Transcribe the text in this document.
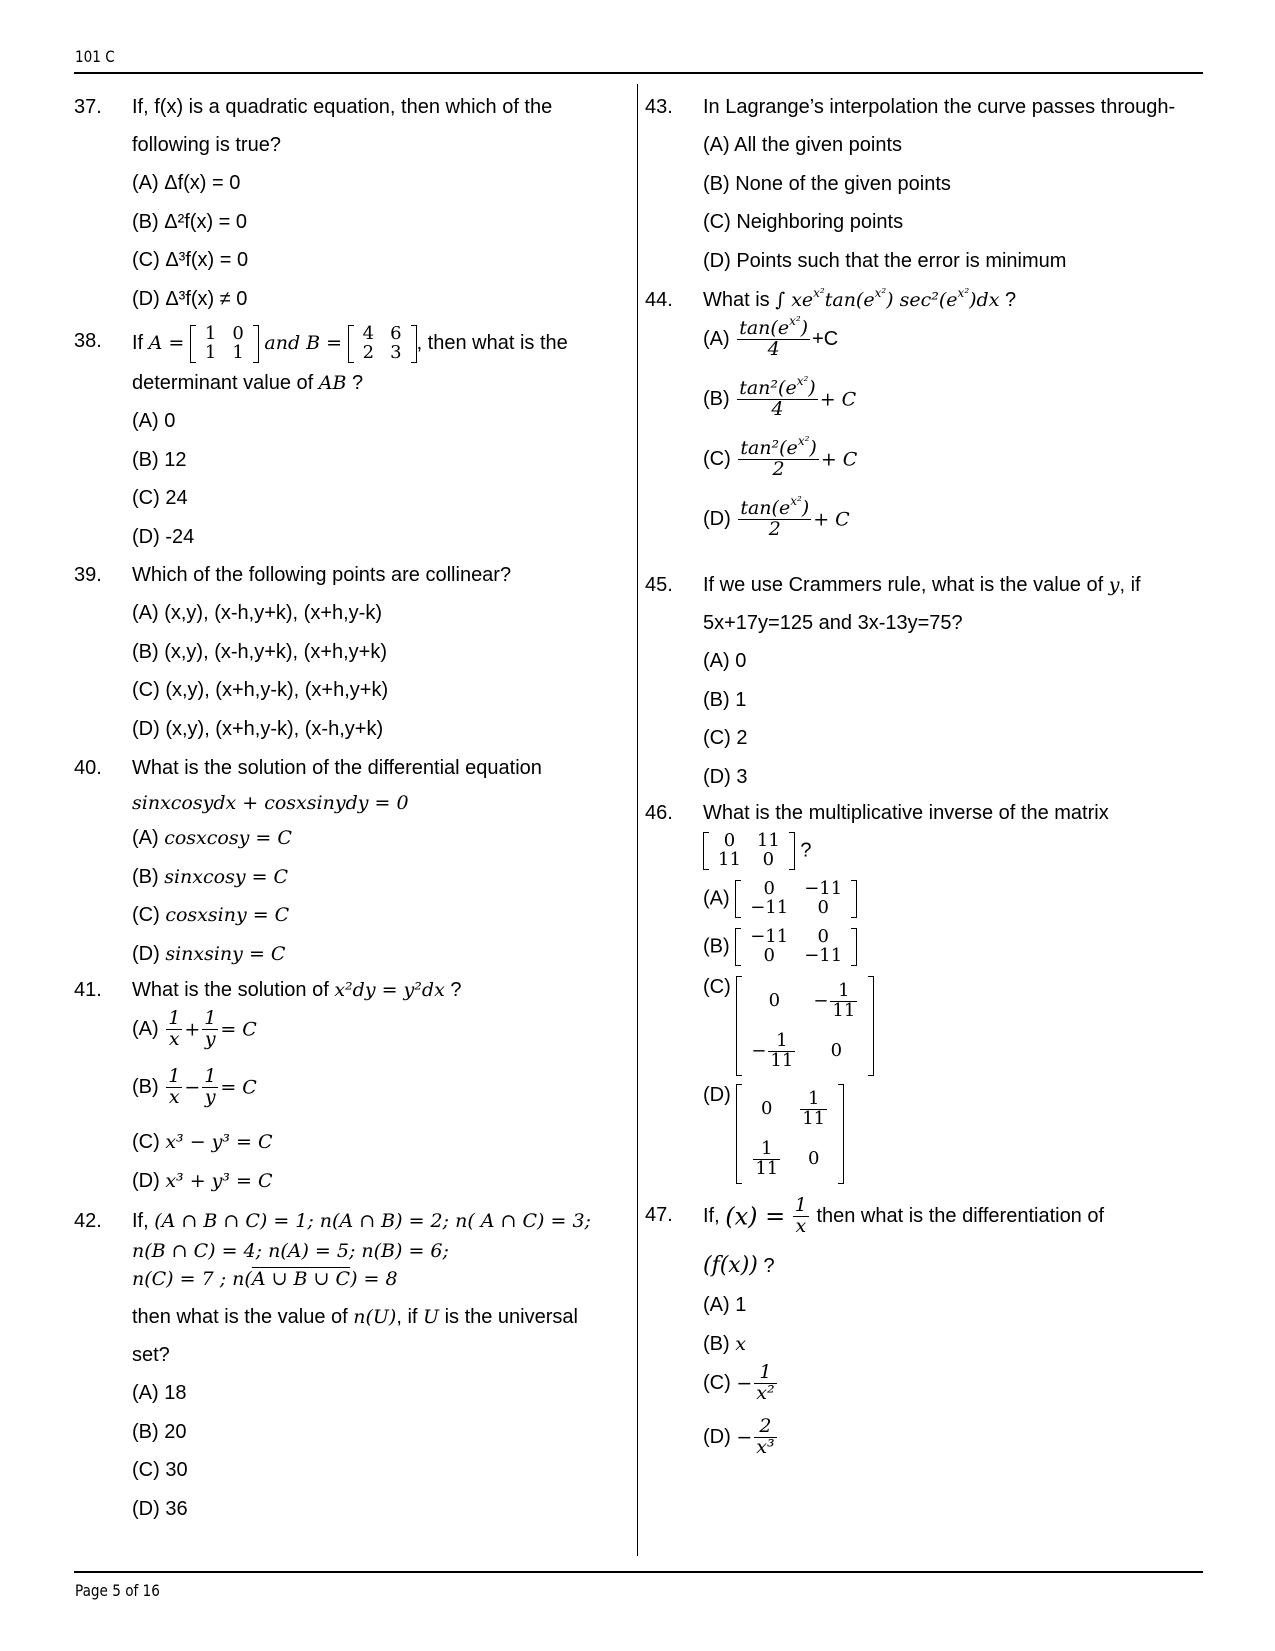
101 C
37. If, f(x) is a quadratic equation, then which of the
following is true?
(A) Δf(x) = 0
(B) Δ²f(x) = 0
(C) Δ³f(x) = 0
(D) Δ³f(x) ≠ 0
38. If A = 1	0
1	1 and B = 4	6
2	3 , then what is the
determinant value of AB ?
(A) 0
(B) 12
(C) 24
(D) -24
39. Which of the following points are collinear?
(A) (x,y), (x-h,y+k), (x+h,y-k)
(B) (x,y), (x-h,y+k), (x+h,y+k)
(C) (x,y), (x+h,y-k), (x+h,y+k)
(D) (x,y), (x+h,y-k), (x-h,y+k)
40. What is the solution of the differential equation
sinxcosydx + cosxsinydy = 0
(A) cosxcosy = C
(B) sinxcosy = C
(C) cosxsiny = C
(D) sinxsiny = C
41. What is the solution of x²dy = y²dx ?
$(A) \frac{1}{x} + \frac{1}{y} = C$
$(B) \frac{1}{x} - \frac{1}{y} = C$
(C) x³ − y³ = C
(D) x³ + y³ = C
42. If, (A ∩ B ∩ C) = 1; n(A ∩ B) = 2; n( A ∩ C) = 3;
n(B ∩ C) = 4; n(A) = 5; n(B) = 6;
n(C) = 7 ; n(A ∪ B ∪ C) = 8
then what is the value of n(U), if U is the universal
set?
(A) 18
(B) 20
(C) 30
(D) 36
43. In Lagrange’s interpolation the curve passes through-
(A) All the given points
(B) None of the given points
(C) Neighboring points
(D) Points such that the error is minimum
44. What is ∫ $xe^{x^2}\tan(e^{x^2})$ $\sec^2(e^{x^2})dx$ ?
$(A) \frac{\tan(e^{x^2})}{4} +C$
$(B) \frac{\tan^2(e^{x^2})}{4} + C$
$(C) \frac{\tan^2(e^{x^2})}{2} + C$
$(D) \frac{\tan(e^{x^2})}{2} + C$
45. If we use Crammers rule, what is the value of y, if
5x+17y=125 and 3x-13y=75?
(A) 0
(B) 1
(C) 2
(D) 3
46. What is the multiplicative inverse of the matrix
0	11
11	0 ?
(A) 0	−11
−11	0
(B) −11	0
0	−11
(C)
0	− $\frac{1}{11}$

− $\frac{1}{11}$	0
(D)
0	$\frac{1}{11}$

$\frac{1}{11}$	0
47. If, $(x) = \frac{1}{x}$ then what is the differentiation of
(f(x)) ?
(A) 1
(B) x
$(C) - \frac{1}{\text{x²}}$
$(D) - \frac{2}{\text{x³}}$
Page 5 of 16
